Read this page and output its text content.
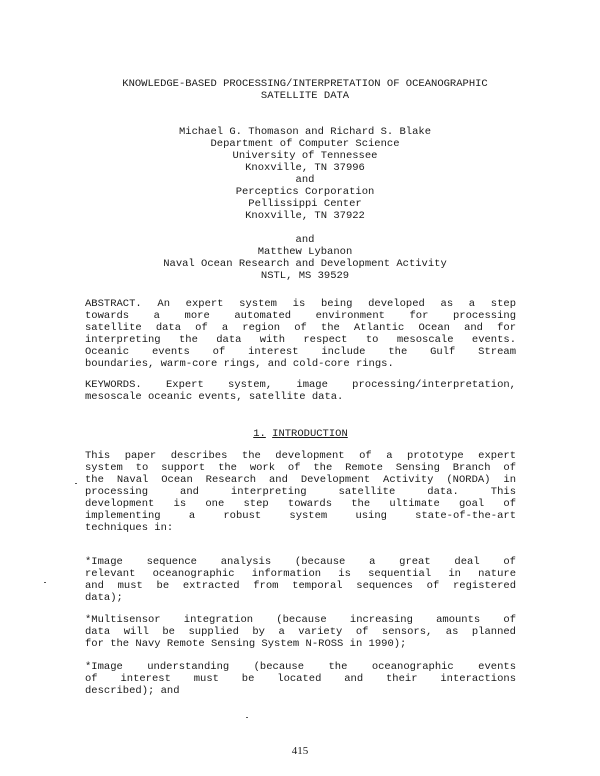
KNOWLEDGE-BASED PROCESSING/INTERPRETATION OF OCEANOGRAPHIC
SATELLITE DATA
Michael G. Thomason and Richard S. Blake
Department of Computer Science
University of Tennessee
Knoxville, TN 37996
and
Perceptics Corporation
Pellissippi Center
Knoxville, TN 37922
and
Matthew Lybanon
Naval Ocean Research and Development Activity
NSTL, MS 39529
ABSTRACT. An expert system is being developed as a step
towards a more automated environment for processing
satellite data of a region of the Atlantic Ocean and for
interpreting the data with respect to mesoscale events.
Oceanic events of interest include the Gulf Stream
boundaries, warm-core rings, and cold-core rings.
KEYWORDS. Expert system, image processing/interpretation,
mesoscale oceanic events, satellite data.
1. INTRODUCTION
This paper describes the development of a prototype expert
system to support the work of the Remote Sensing Branch of
the Naval Ocean Research and Development Activity (NORDA) in
processing and interpreting satellite data. This
development is one step towards the ultimate goal of
implementing a robust system using state-of-the-art
techniques in:
*Image sequence analysis (because a great deal of
relevant oceanographic information is sequential in nature
and must be extracted from temporal sequences of registered
data);
*Multisensor integration (because increasing amounts of
data will be supplied by a variety of sensors, as planned
for the Navy Remote Sensing System N-ROSS in 1990);
*Image understanding (because the oceanographic events
of interest must be located and their interactions
described); and
415
